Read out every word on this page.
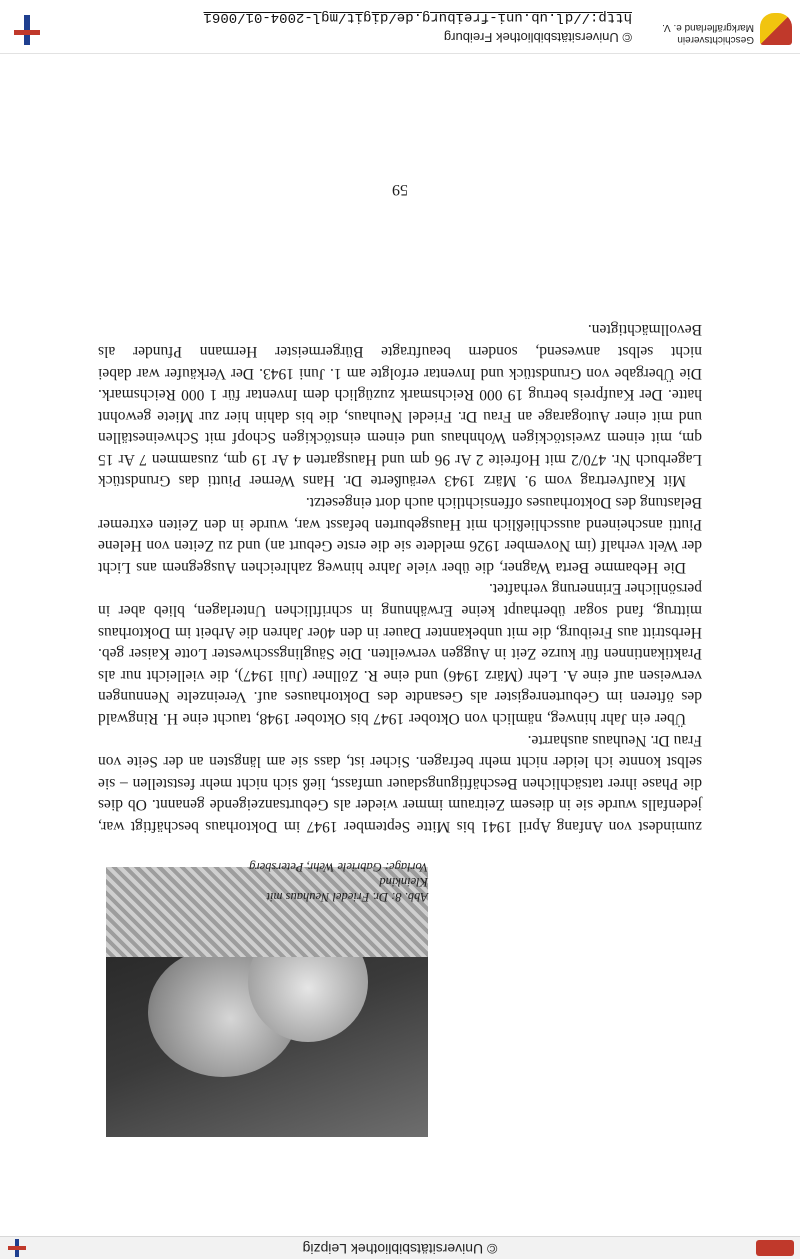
© Universitätsbibliothek Leipzig
Abb. 8: Dr. Friedel Neuhaus mit
Kleinkind
Vorlage: Gabriele Wehr, Petersberg

zumindest von Anfang April 1941 bis Mitte September 1947 im Doktorhaus beschäftigt war, jedenfalls wurde sie in diesem Zeitraum immer wieder als Geburtsanzeigende genannt. Ob dies die Phase ihrer tatsächlichen Beschäftigungsdauer umfasst, ließ sich nicht mehr feststellen – sie selbst konnte ich leider nicht mehr befragen. Sicher ist, dass sie am längsten an der Seite von Frau Dr. Neuhaus ausharrte.

Über ein Jahr hinweg, nämlich von Oktober 1947 bis Oktober 1948, taucht eine H. Ringwald des öfteren im Geburtenregister als Gesandte des Doktorhauses auf. Vereinzelte Nennungen verweisen auf eine A. Lehr (März 1946) und eine R. Zöllner (Juli 1947), die vielleicht nur als Praktikantinnen für kurze Zeit in Auggen verweilten. Die Säuglingsschwester Lotte Kaiser geb. Herbstritt aus Freiburg, die mit unbekannter Dauer in den 40er Jahren die Arbeit im Doktorhaus mittrug, fand sogar überhaupt keine Erwähnung in schriftlichen Unterlagen, blieb aber in persönlicher Erinnerung verhaftet.

Die Hebamme Berta Wagner, die über viele Jahre hinweg zahlreichen Ausgegnem ans Licht der Welt verhalf (im November 1926 meldete sie die erste Geburt an) und zu Zeiten von Helene Piutti anscheinend ausschließlich mit Hausgeburten befasst war, wurde in den Zeiten extremer Belastung des Doktorhauses offensichtlich auch dort eingesetzt.

Mit Kaufvertrag vom 9. März 1943 veräußerte Dr. Hans Werner Piutti das Grundstück Lagerbuch Nr. 470/2 mit Hofreite 2 Ar 96 qm und Hausgarten 4 Ar 19 qm, zusammen 7 Ar 15 qm, mit einem zweistöckigen Wohnhaus und einem einstöckigen Schopf mit Schweineställen und mit einer Autogarage an Frau Dr. Friedel Neuhaus, die bis dahin hier zur Miete gewohnt hatte. Der Kaufpreis betrug 19 000 Reichsmark zuzüglich dem Inventar für 1 000 Reichsmark. Die Übergabe von Grundstück und Inventar erfolgte am 1. Juni 1943. Der Verkäufer war dabei nicht selbst anwesend, sondern beauftragte Bürgermeister Hermann Pfunder als Bevollmächtigten.

59
Geschichtsverein
Markgräflerland e. V.
© Universitätsbibliothek Freiburg
http://dl.ub.uni-freiburg.de/digit/mgl-2004-01/0061
